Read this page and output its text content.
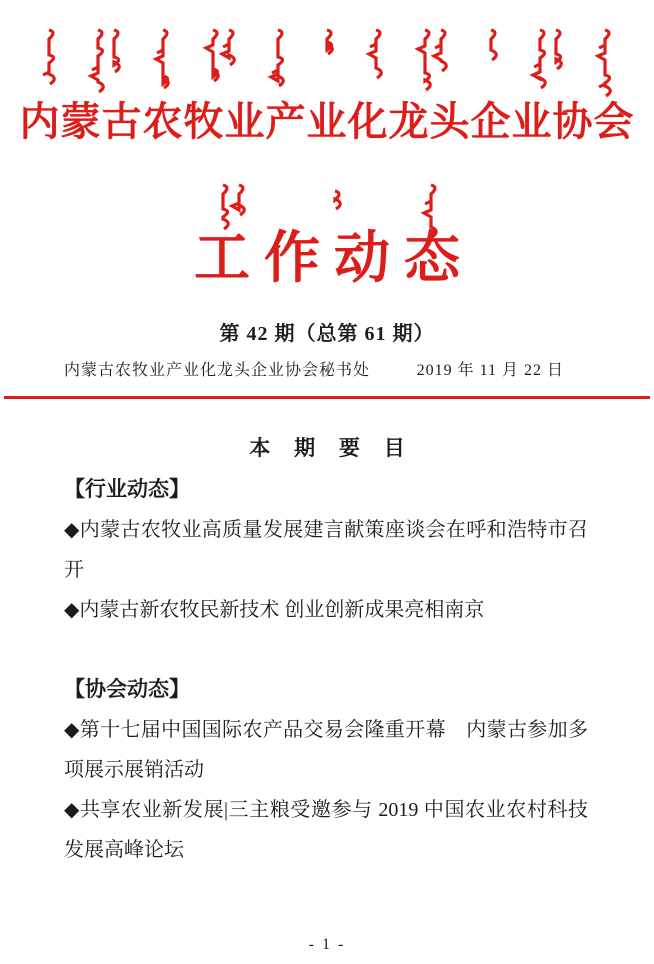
内蒙古农牧业产业化龙头企业协会
工作动态
第 42 期（总第 61 期）
内蒙古农牧业产业化龙头企业协会秘书处	2019 年 11 月 22 日
本 期 要 目
【行业动态】
◆内蒙古农牧业高质量发展建言献策座谈会在呼和浩特市召开
◆内蒙古新农牧民新技术 创业创新成果亮相南京
【协会动态】
◆第十七届中国国际农产品交易会隆重开幕　内蒙古参加多项展示展销活动
◆共享农业新发展|三主粮受邀参与 2019 中国农业农村科技发展高峰论坛
- 1 -
